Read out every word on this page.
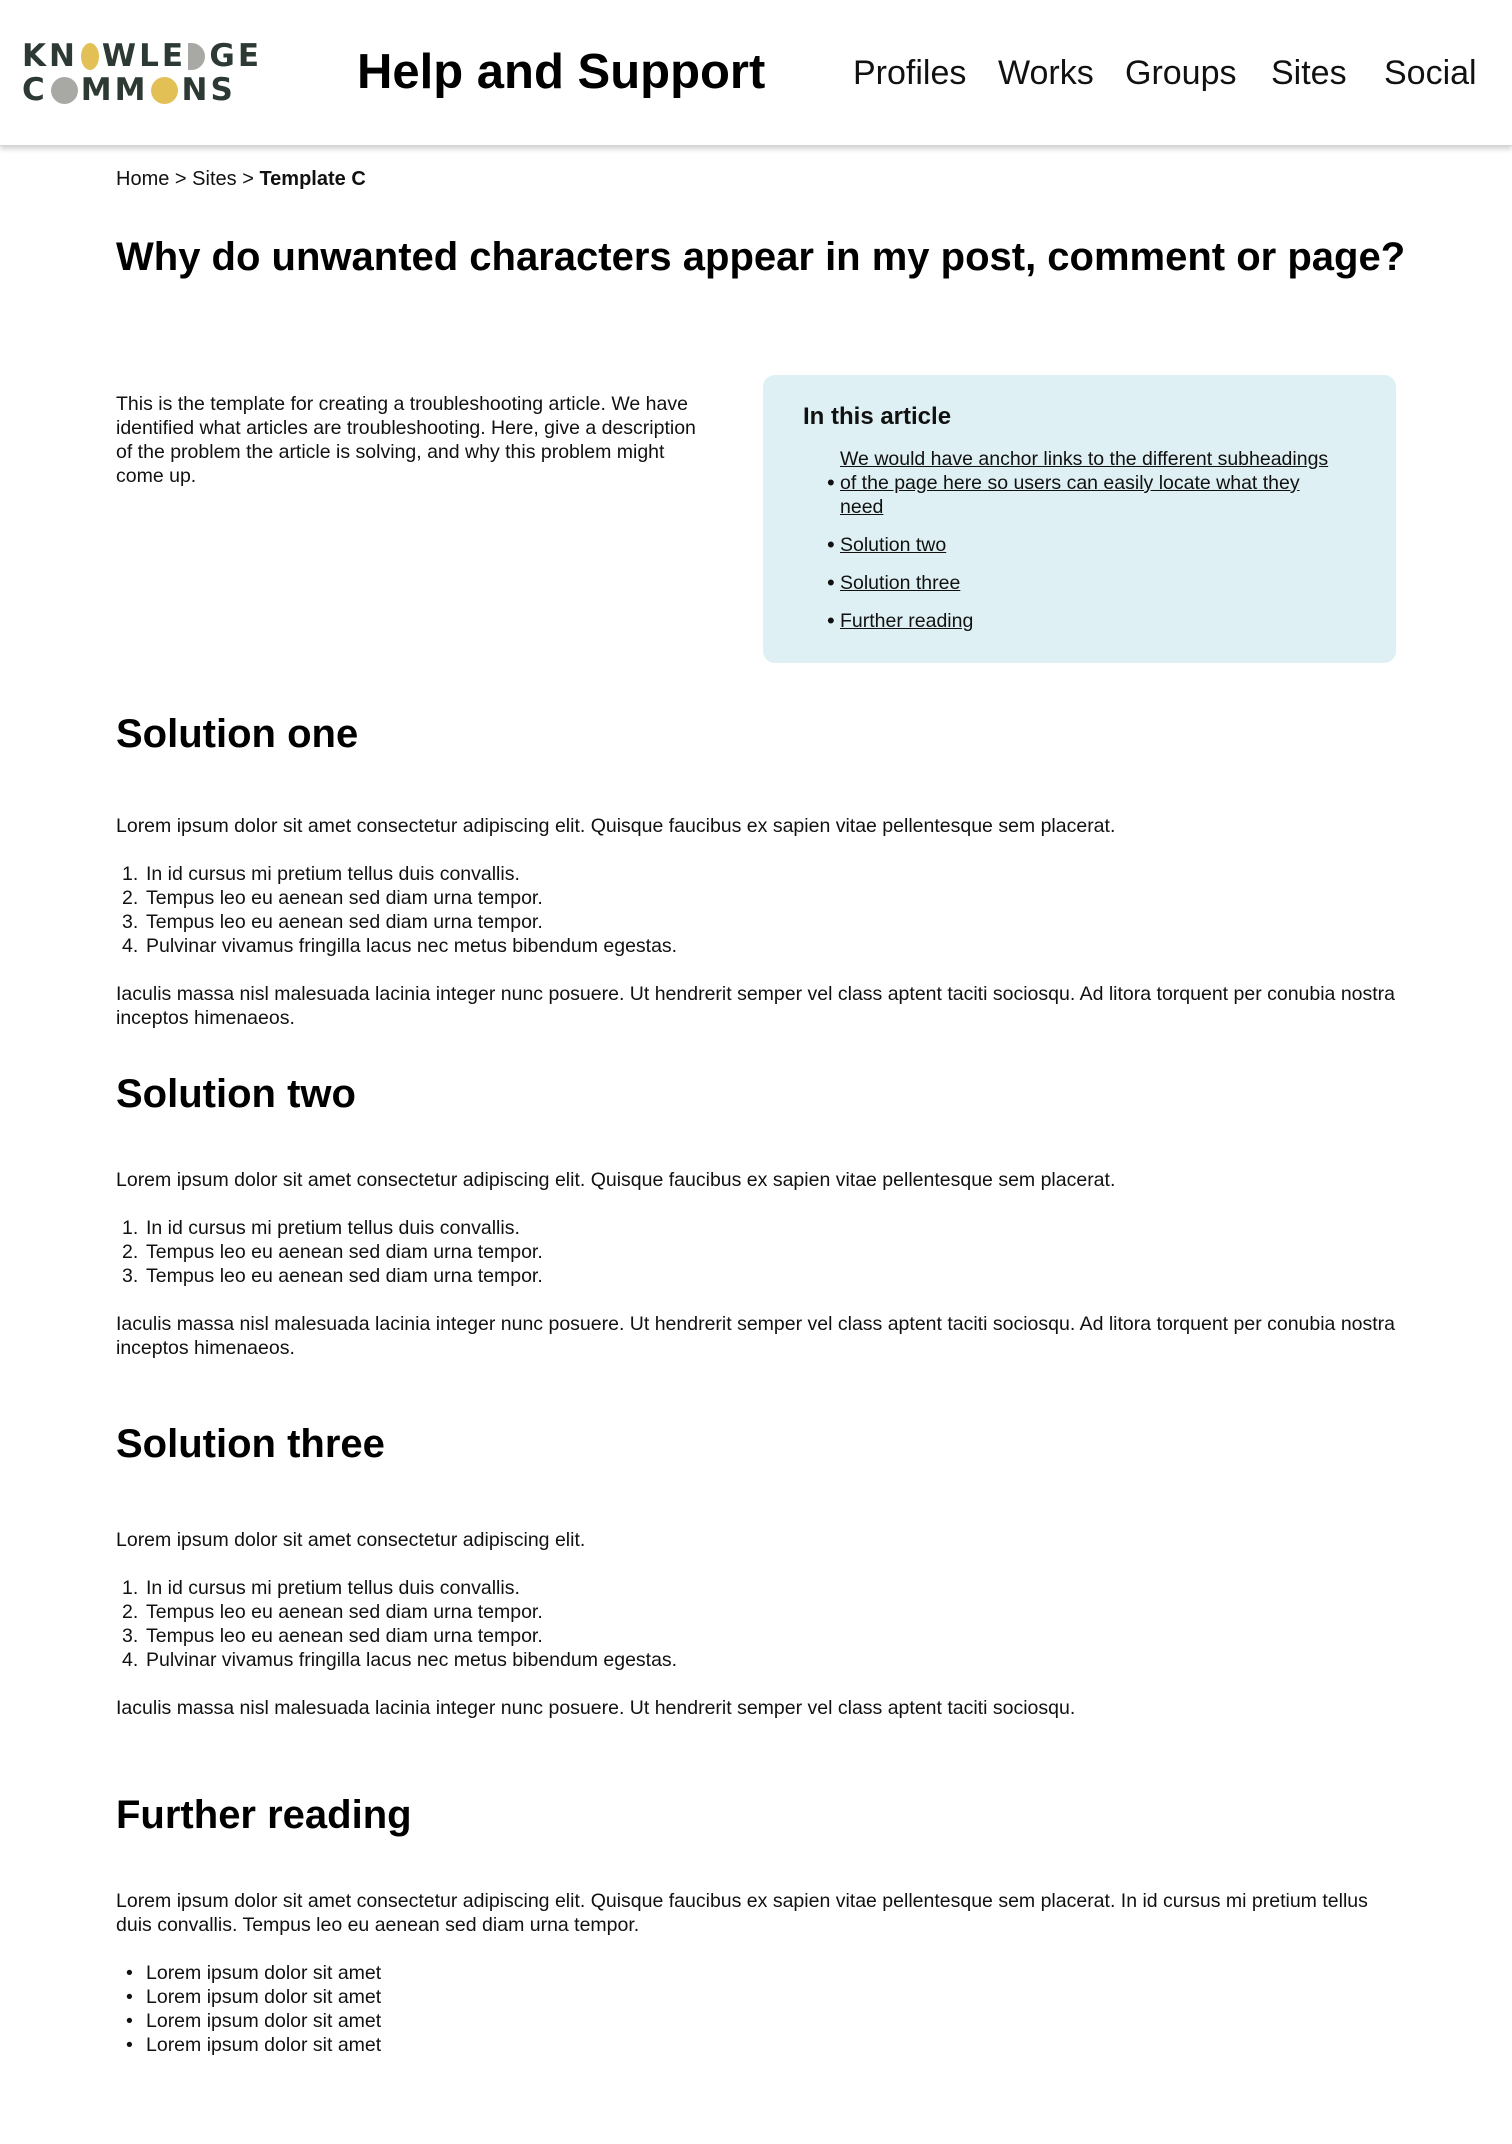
K N W L E G E
C M M N S Help and Support	Profiles Works Groups Sites Social
Home > Sites > Template C
Why do unwanted characters appear in my post, comment or page?

This is the template for creating a troubleshooting article. We have identified what articles are troubleshooting. Here, give a description of the problem the article is solving, and why this problem might come up.

In this article
• We would have anchor links to the different subheadings of the page here so users can easily locate what they need
• Solution two
• Solution three
• Further reading
Solution one

Lorem ipsum dolor sit amet consectetur adipiscing elit. Quisque faucibus ex sapien vitae pellentesque sem placerat.

1. In id cursus mi pretium tellus duis convallis.
2. Tempus leo eu aenean sed diam urna tempor.
3. Tempus leo eu aenean sed diam urna tempor.
4. Pulvinar vivamus fringilla lacus nec metus bibendum egestas.

Iaculis massa nisl malesuada lacinia integer nunc posuere. Ut hendrerit semper vel class aptent taciti sociosqu. Ad litora torquent per conubia nostra inceptos himenaeos.

Solution two

Lorem ipsum dolor sit amet consectetur adipiscing elit. Quisque faucibus ex sapien vitae pellentesque sem placerat.

1. In id cursus mi pretium tellus duis convallis.
2. Tempus leo eu aenean sed diam urna tempor.
3. Tempus leo eu aenean sed diam urna tempor.

Iaculis massa nisl malesuada lacinia integer nunc posuere. Ut hendrerit semper vel class aptent taciti sociosqu. Ad litora torquent per conubia nostra inceptos himenaeos.

Solution three

Lorem ipsum dolor sit amet consectetur adipiscing elit.

1. In id cursus mi pretium tellus duis convallis.
2. Tempus leo eu aenean sed diam urna tempor.
3. Tempus leo eu aenean sed diam urna tempor.
4. Pulvinar vivamus fringilla lacus nec metus bibendum egestas.

Iaculis massa nisl malesuada lacinia integer nunc posuere. Ut hendrerit semper vel class aptent taciti sociosqu.

Further reading

Lorem ipsum dolor sit amet consectetur adipiscing elit. Quisque faucibus ex sapien vitae pellentesque sem placerat. In id cursus mi pretium tellus duis convallis. Tempus leo eu aenean sed diam urna tempor.

• Lorem ipsum dolor sit amet
• Lorem ipsum dolor sit amet
• Lorem ipsum dolor sit amet
• Lorem ipsum dolor sit amet
